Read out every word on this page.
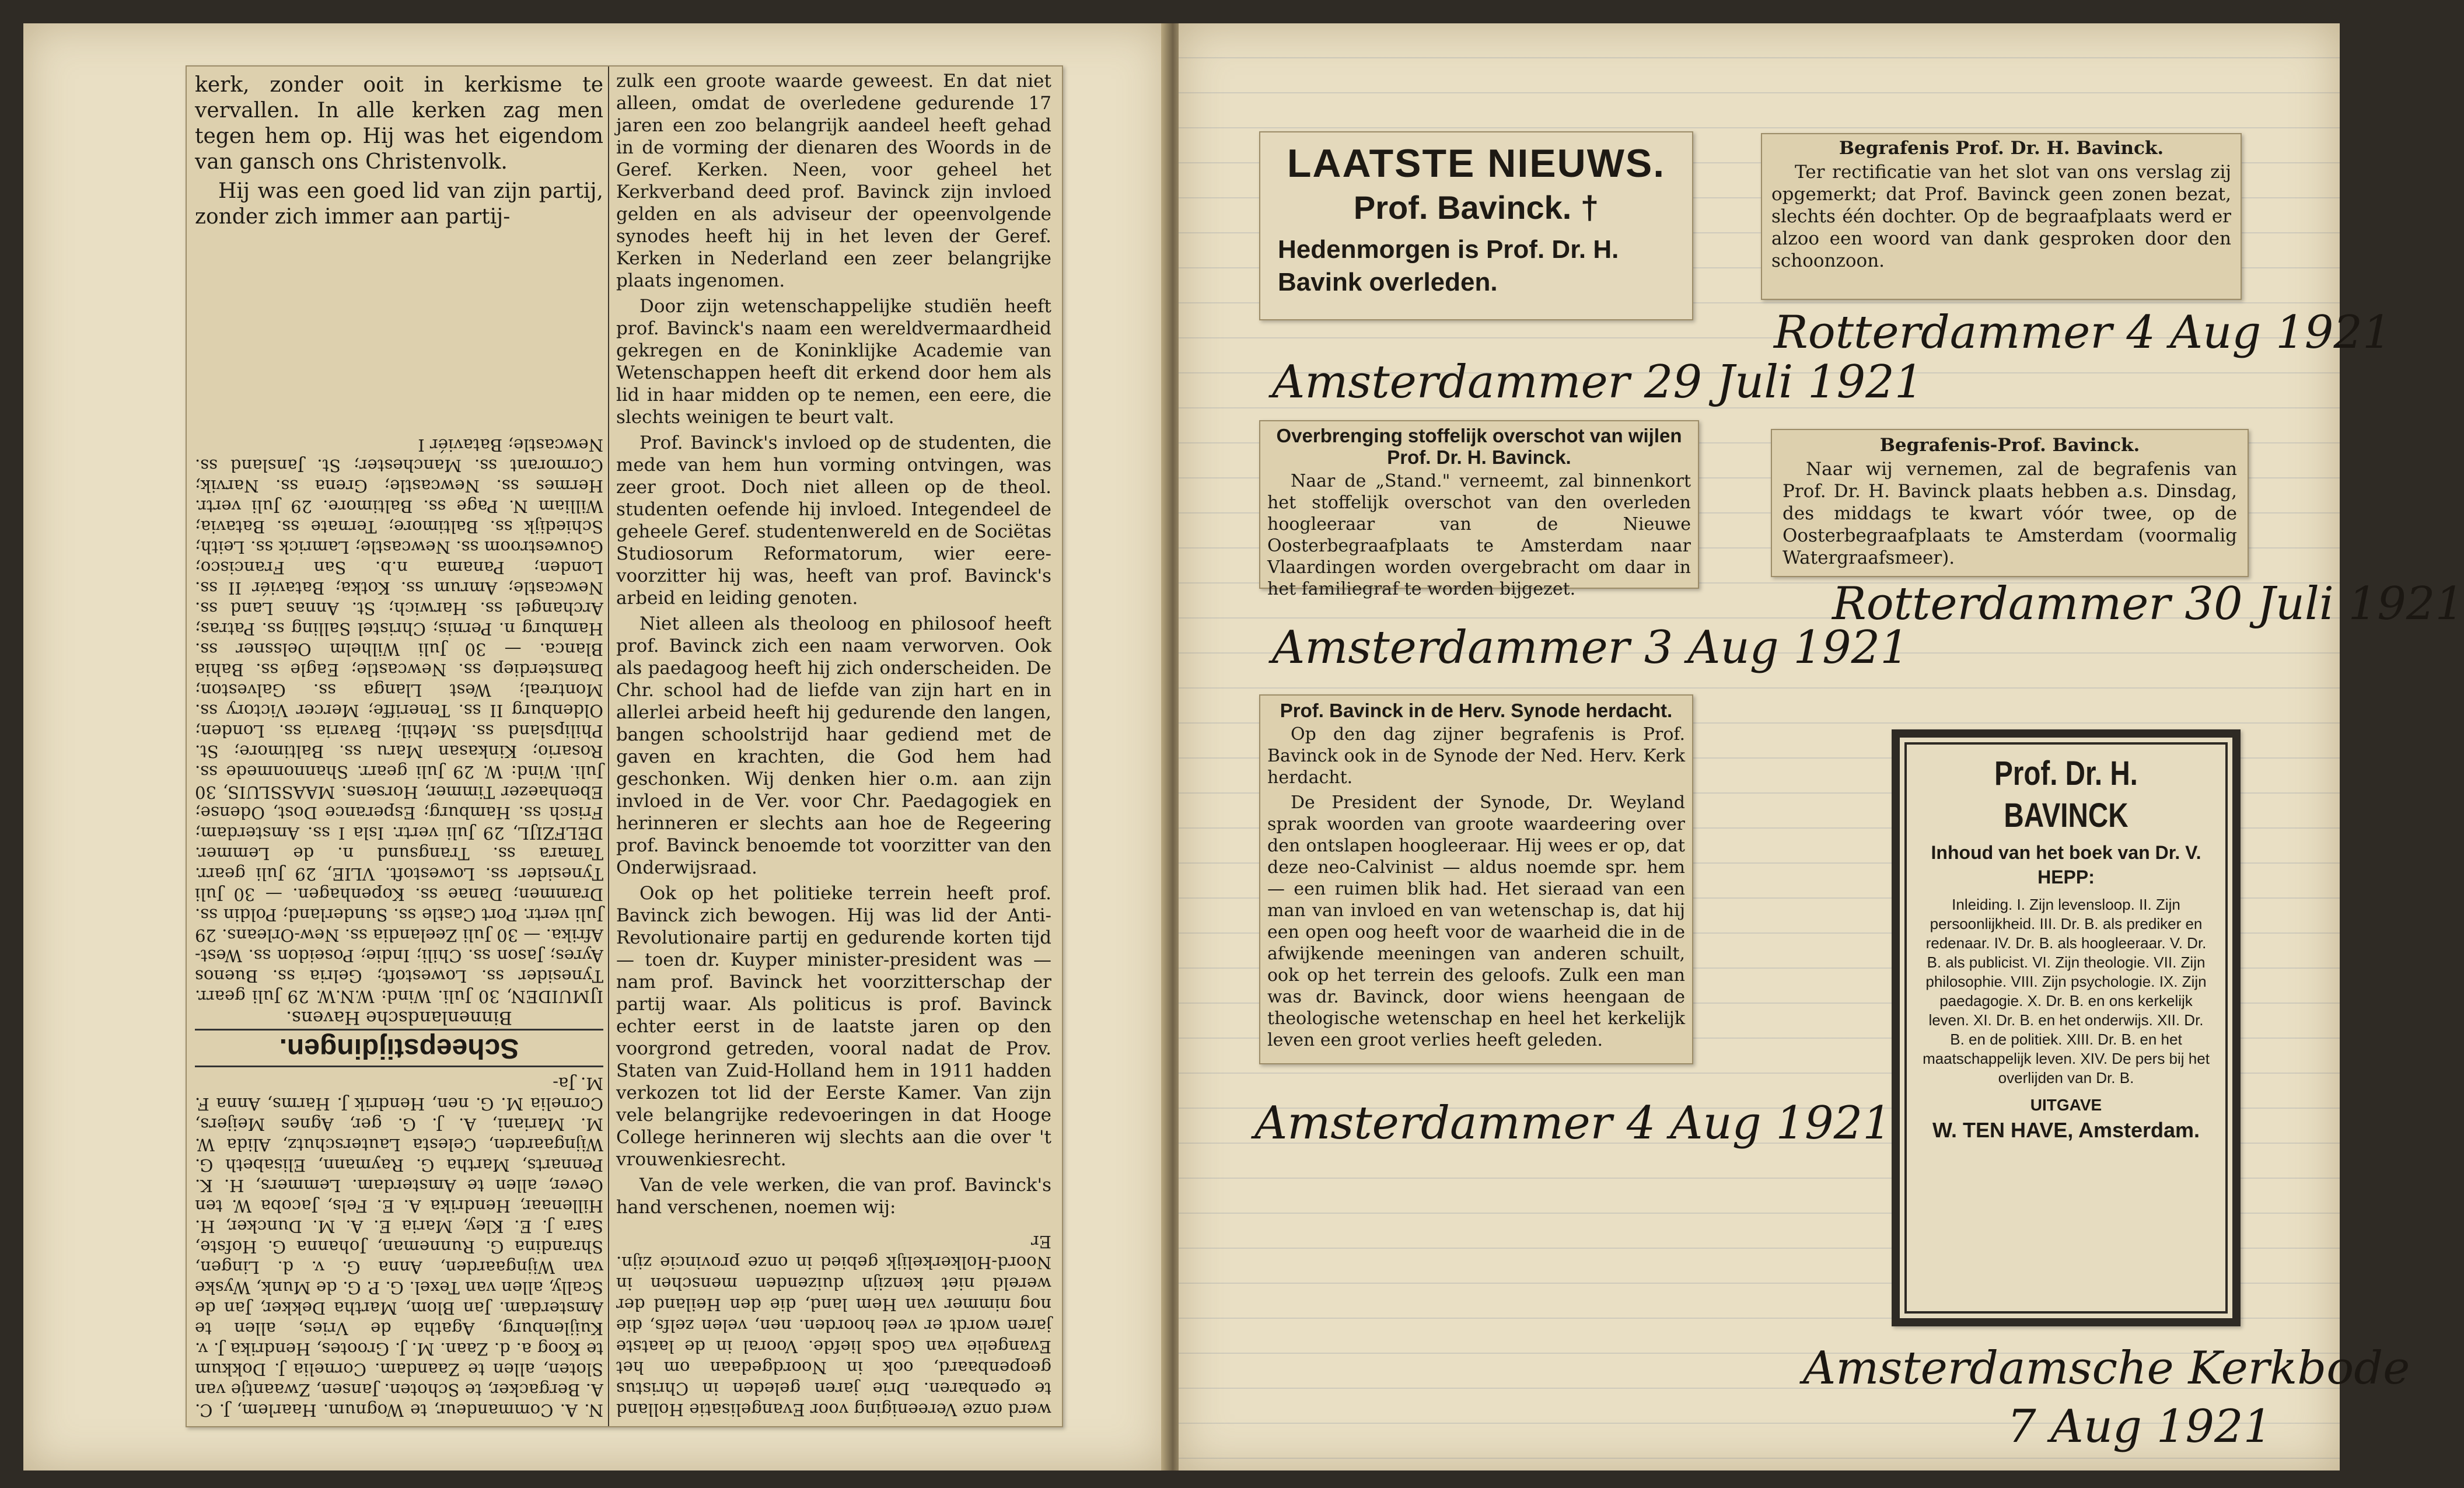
kerk, zonder ooit in kerkisme te vervallen. In alle kerken zag men tegen hem op. Hij was het eigendom van gansch ons Christenvolk.

Hij was een goed lid van zijn partij, zonder zich immer aan partij-

N. A. Commandeur, te Wognum. Haarlem, J. C. A. Bergacker, te Schoten. Jansen, Zwaantje van Sloten, allen te Zaandam. Cornelia J. Dokkum te Koog a. d. Zaan. M. J. Grootes, Hendrika J. v. Kuijlenburg, Agatha de Vries, allen te Amsterdam. Jan Blom, Martha Dekker, Jan de Scally, allen van Texel. G. P. G. de Munk, Wyske van Wijngaarden, Anna G. v. d. Lingen, Shrandina G. Runneman, Johanna G. Hofste, Sara J. E. Kley, Maria E. A. M. Duncker, H. Hillenaar, Hendrika A. E. Fels, Jacoba W. ten Oever, allen te Amsterdam. Lemmers, H. K. Pennarts, Martha G. Raymann, Elisabeth G. Wijngaarden, Celesta Lauterschutz, Alida W. M. Mariani, A. J. G. ger, Agnes Meijers, Cornelia M. G. nen, Hendrik J. Harms, Anna F. M. Ja-
Scheepstijdingen.
Binnenlandsche Havens.
IJMUIDEN, 30 Juli. Wind: W.N.W. 29 Juli gearr. Tynesider ss. Lowestoft; Gelria ss. Buenos Ayres; Jason ss. Chili; Indie; Poseidon ss. West-Afrika. — 30 Juli Zeelandia ss. New-Orleans. 29 Juli vertr. Port Castle ss. Sunderland; Poldin ss. Drammen; Danae ss. Kopenhagen. — 30 Juli Tynesider ss. Lowestoft. VLIE, 29 Juli gearr. Tamara ss. Trangsund n. de Lemmer. DELFZIJL, 29 Juli vertr. Isla I ss. Amsterdam; Frisch ss. Hamburg; Esperance Dost, Odense; Ebenhaezer Timmer, Horsens. MAASSLUIS, 30 Juli. Wind: W. 29 Juli gearr. Shannonmede ss. Rosario; Kinkasan Maru ss. Baltimore; St. Philipsland ss. Methil; Bavaria ss. Londen; Oldenburg II ss. Teneriffe; Mercer Victory ss. Montreal; West Llanga ss. Galveston; Damsterdiep ss. Newcastle; Eagle ss. Bahia Blanca. — 30 Juli Wilhelm Oelssner ss. Hamburg n. Pernis; Christel Salling ss. Patras; Archangel ss. Harwich; St. Annas Land ss. Newcastle; Amrum ss. Kotka; Bataviér II ss. Londen; Panama n.b. San Francisco; Gouwestroom ss. Newcastle; Lamrick ss. Leith; Schiedijk ss. Baltimore; Ternate ss. Batavia; William N. Page ss. Baltimore. 29 Juli vertr. Hermes ss. Newcastle; Grena ss. Narvik; Cormorant ss. Manchester; St. Jansland ss. Newcastle; Bataviér I

zulk een groote waarde geweest. En dat niet alleen, omdat de overledene gedurende 17 jaren een zoo belangrijk aandeel heeft gehad in de vorming der dienaren des Woords in de Geref. Kerken. Neen, voor geheel het Kerkverband deed prof. Bavinck zijn invloed gelden en als adviseur der opeenvolgende synodes heeft hij in het leven der Geref. Kerken in Nederland een zeer belangrijke plaats ingenomen.

Door zijn wetenschappelijke studiën heeft prof. Bavinck's naam een wereldvermaardheid gekregen en de Koninklijke Academie van Wetenschappen heeft dit erkend door hem als lid in haar midden op te nemen, een eere, die slechts weinigen te beurt valt.

Prof. Bavinck's invloed op de studenten, die mede van hem hun vorming ontvingen, was zeer groot. Doch niet alleen op de theol. studenten oefende hij invloed. Integendeel de geheele Geref. studentenwereld en de Sociëtas Studiosorum Reformatorum, wier eere-voorzitter hij was, heeft van prof. Bavinck's arbeid en leiding genoten.

Niet alleen als theoloog en philosoof heeft prof. Bavinck zich een naam verworven. Ook als paedagoog heeft hij zich onderscheiden. De Chr. school had de liefde van zijn hart en in allerlei arbeid heeft hij gedurende den langen, bangen schoolstrijd haar gediend met de gaven en krachten, die God hem had geschonken. Wij denken hier o.m. aan zijn invloed in de Ver. voor Chr. Paedagogiek en herinneren er slechts aan hoe de Regeering prof. Bavinck benoemde tot voorzitter van den Onderwijsraad.

Ook op het politieke terrein heeft prof. Bavinck zich bewogen. Hij was lid der Anti-Revolutionaire partij en gedurende korten tijd — toen dr. Kuyper minister-president was — nam prof. Bavinck het voorzitterschap der partij waar. Als politicus is prof. Bavinck echter eerst in de laatste jaren op den voorgrond getreden, vooral nadat de Prov. Staten van Zuid-Holland hem in 1911 hadden verkozen tot lid der Eerste Kamer. Van zijn vele belangrijke redevoeringen in dat Hooge College herinneren wij slechts aan die over 't vrouwenkiesrecht.

Van de vele werken, die van prof. Bavinck's hand verschenen, noemen wij:

werd onze Vereeniging voor Evangelisatie Holland te openbaren. Drie jaren geleden in Christus geopenbaard, ook in Noordgedaan om het Evangelie van Gods liefde. Vooral in de laatste jaren wordt er veel hoorden. nen, velen zelfs, die nog nimmer van Hem land, die den Heiland der wereld niet kenzijn duizenden menschen in Noord-Holkerkelijk gebied in onze provincie zijn. Er
LAATSTE NIEUWS.
Prof. Bavinck. †
Hedenmorgen is Prof. Dr. H. Bavink overleden.
Amsterdammer 29 Juli 1921
Overbrenging stoffelijk overschot van wijlen Prof. Dr. H. Bavinck.

Naar de „Stand." verneemt, zal binnenkort het stoffelijk overschot van den overleden hoogleeraar van de Nieuwe Oosterbegraafplaats te Amsterdam naar Vlaardingen worden overgebracht om daar in het familiegraf te worden bijgezet.

Amsterdammer 3 Aug 1921
Prof. Bavinck in de Herv. Synode herdacht.

Op den dag zijner begrafenis is Prof. Bavinck ook in de Synode der Ned. Herv. Kerk herdacht.

De President der Synode, Dr. Weyland sprak woorden van groote waardeering over den ontslapen hoogleeraar. Hij wees er op, dat deze neo-Calvinist — aldus noemde spr. hem — een ruimen blik had. Het sieraad van een man van invloed en van wetenschap is, dat hij een open oog heeft voor de waarheid die in de afwijkende meeningen van anderen schuilt, ook op het terrein des geloofs. Zulk een man was dr. Bavinck, door wiens heengaan de theologische wetenschap en heel het kerkelijk leven een groot verlies heeft geleden.

Amsterdammer 4 Aug 1921
Begrafenis Prof. Dr. H. Bavinck.

Ter rectificatie van het slot van ons verslag zij opgemerkt; dat Prof. Bavinck geen zonen bezat, slechts één dochter. Op de begraafplaats werd er alzoo een woord van dank gesproken door den schoonzoon.

Rotterdammer 4 Aug 1921
Begrafenis-Prof. Bavinck.

Naar wij vernemen, zal de begrafenis van Prof. Dr. H. Bavinck plaats hebben a.s. Dinsdag, des middags te kwart vóór twee, op de Oosterbegraafplaats te Amsterdam (voormalig Watergraafsmeer).

Rotterdammer 30 Juli 1921
Prof. Dr. H. BAVINCK
Inhoud van het boek van Dr. V. HEPP:
Inleiding. I. Zijn levensloop. II. Zijn persoonlijkheid. III. Dr. B. als prediker en redenaar. IV. Dr. B. als hoogleeraar. V. Dr. B. als publicist. VI. Zijn theologie. VII. Zijn philosophie. VIII. Zijn psychologie. IX. Zijn paedagogie. X. Dr. B. en ons kerkelijk leven. XI. Dr. B. en het onderwijs. XII. Dr. B. en de politiek. XIII. Dr. B. en het maatschappelijk leven. XIV. De pers bij het overlijden van Dr. B.
UITGAVE
W. TEN HAVE, Amsterdam.
Amsterdamsche Kerkbode
7 Aug 1921
